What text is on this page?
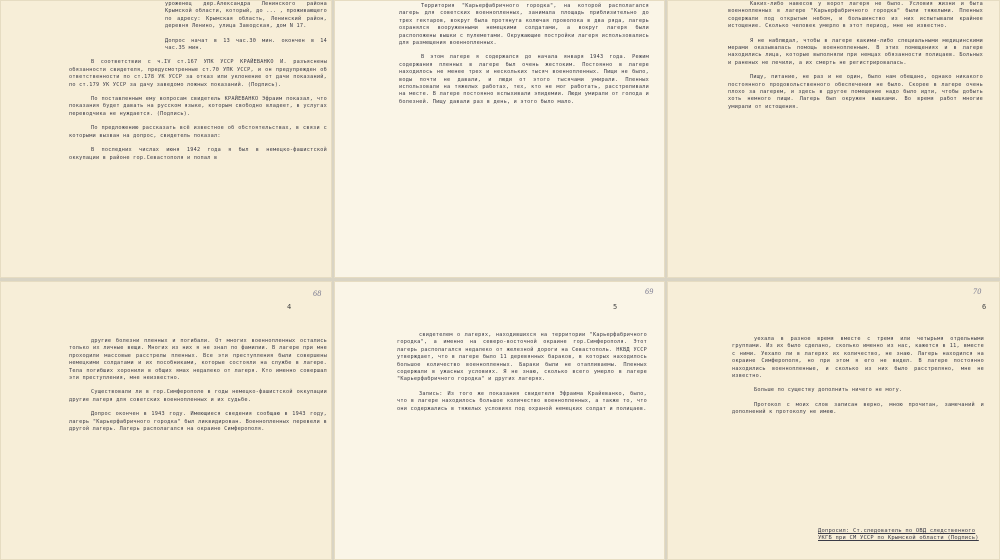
уроженец дер.Александра Ленинского района Крымской области, который, до ... , проживающего по адресу: Крымская область, Ленинский район, деревня Ленино, улица Заводская, дом N 17.

Допрос начат в 13 час.30 мин. окончен в 14 час.35 мин.

В соответствии с ч.IV ст.167 УПК УССР КРАЙЕВАНКО И. разъяснены обязанности свидетеля, предусмотренные ст.70 УПК УССР, и он предупрежден об ответственности по ст.178 УК УССР за отказ или уклонение от дачи показаний, по ст.179 УК УССР за дачу заведомо ложных показаний. (Подпись).

По поставленным ему вопросам свидетель КРАЙЕВАНКО Эфраим показал, что показания будет давать на русском языке, которым свободно владеет, в услугах переводчика не нуждается. (Подпись).

По предложению рассказать всё известное об обстоятельствах, в связи с которыми вызван на допрос, свидетель показал:

В последних числах июня 1942 года я был в немецко-фашистской оккупации в районе гор.Севастополя и попал в

Территория "Карьерфабричного городка", на которой располагался лагерь для советских военнопленных, занимала площадь приблизительно до трех гектаров, вокруг была протянута колючая проволока в два ряда, лагерь охранялся вооруженными немецкими солдатами, а вокруг лагеря были расположены вышки с пулеметами. Окружающие постройки лагеря использовались для размещения военнопленных.

В этом лагере я содержался до начала января 1943 года. Режим содержания пленных в лагере был очень жестоким. Постоянно в лагере находилось не менее трех и нескольких тысяч военнопленных. Пищи не было, воды почти не давали, и люди от этого тысячами умирали. Пленных использовали на тяжелых работах, тех, кто не мог работать, расстреливали на месте. В лагере постоянно вспыхивали эпидемии. Люди умирали от голода и болезней. Пищу давали раз в день, и этого было мало.

Каких-либо навесов у ворот лагеря не было. Условия жизни и быта военнопленных в лагере "Карьерфабричного городка" были тяжелыми. Пленных содержали под открытым небом, и большинство из них испытывали крайнее истощение. Сколько человек умерло в этот период, мне не известно.

Я не наблюдал, чтобы в лагере какими-либо специальными медицинскими мерами оказывалась помощь военнопленным. В этих помещениях и в лагере находились лица, которые выполняли при немцах обязанности полицаев. Больных и раненых не лечили, а их смерть не регистрировалась.

Пищу, питание, не раз и не один, было нам обещано, однако никакого постоянного продовольственного обеспечения не было. Скорее в лагере очень плохо за лагерем, и здесь в другое помещение надо было идти, чтобы добыть хоть немного пищи. Лагерь был окружен вышками. Во время работ многие умирали от истощения.

68
4

другие болезни пленных и погибали. От многих военнопленных остались только их личные вещи. Многих из них я не знал по фамилии. В лагере при мне проходили массовые расстрелы пленных. Все эти преступления были совершены немецкими солдатами и их пособниками, которые состояли на службе в лагере. Тела погибших хоронили в общих ямах недалеко от лагеря. Кто именно совершал эти преступления, мне неизвестно.

Существовали ли в гор.Симферополе в годы немецко-фашистской оккупации другие лагеря для советских военнопленных и их судьбе.

Допрос окончен в 1943 году. Имеющиеся сведения сообщаю в 1943 году, лагерь "Карьерфабричного городка" был ликвидирован. Военнопленных перевели в другой лагерь. Лагерь располагался на окраине Симферополя.

69
5

свидетелем о лагерях, находившихся на территории "Карьерфабричного городка", а именно на северо-восточной окраине гор.Симферополя. Этот лагерь располагался недалеко от железной дороги на Севастополь. НКВД УССР утверждает, что в лагере было 11 деревянных бараков, в которых находилось большое количество военнопленных. Бараки были не отапливаемы. Пленных содержали в ужасных условиях. Я не знаю, сколько всего умерло в лагере "Карьерфабричного городка" и других лагерях.

Запись: Из того же показания свидетеля Эфраима Крайеванко, было, что в лагере находилось большое количество военнопленных, а также то, что они содержались в тяжелых условиях под охраной немецких солдат и полицаев.

70
6

уехала в разное время вместе с тремя или четырьмя отдельными группами. Из их было сделано, сколько именно из нас, кажется в 11, вместе с ними. Уехало ли в лагерях их количество, не знаю. Лагерь находился на окраине Симферополя, но при этом я его не видел. В лагере постоянно находились военнопленные, и сколько из них было расстреляно, мне не известно.

Больше по существу дополнить ничего не могу.

Протокол с моих слов записан верно, мною прочитан, замечаний и дополнений к протоколу не имею.

Допросил: Ст.следователь по ОВД следственного УКГБ при СМ УССР по Крымской области (Подпись)
